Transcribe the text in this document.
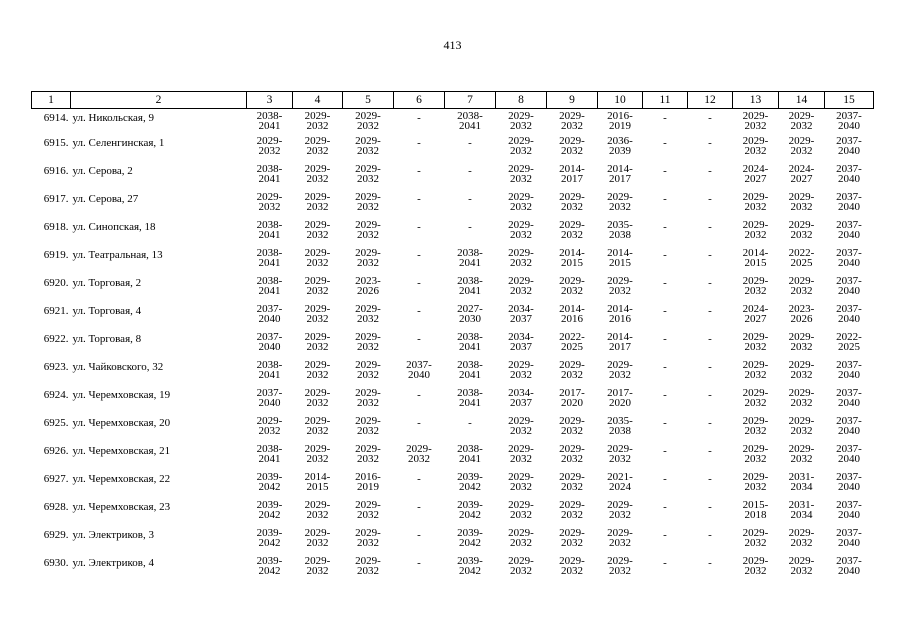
413
1	2	3	4	5	6	7	8	9	10	11	12	13	14	15
6914.	ул. Никольская, 9	2038-
2041	2029-
2032	2029-
2032	-	2038-
2041	2029-
2032	2029-
2032	2016-
2019	-	-	2029-
2032	2029-
2032	2037-
2040

6915.	ул. Селенгинская, 1	2029-
2032	2029-
2032	2029-
2032	-	-	2029-
2032	2029-
2032	2036-
2039	-	-	2029-
2032	2029-
2032	2037-
2040

6916.	ул. Серова, 2	2038-
2041	2029-
2032	2029-
2032	-	-	2029-
2032	2014-
2017	2014-
2017	-	-	2024-
2027	2024-
2027	2037-
2040

6917.	ул. Серова, 27	2029-
2032	2029-
2032	2029-
2032	-	-	2029-
2032	2029-
2032	2029-
2032	-	-	2029-
2032	2029-
2032	2037-
2040

6918.	ул. Синопская, 18	2038-
2041	2029-
2032	2029-
2032	-	-	2029-
2032	2029-
2032	2035-
2038	-	-	2029-
2032	2029-
2032	2037-
2040

6919.	ул. Театральная, 13	2038-
2041	2029-
2032	2029-
2032	-	2038-
2041	2029-
2032	2014-
2015	2014-
2015	-	-	2014-
2015	2022-
2025	2037-
2040

6920.	ул. Торговая, 2	2038-
2041	2029-
2032	2023-
2026	-	2038-
2041	2029-
2032	2029-
2032	2029-
2032	-	-	2029-
2032	2029-
2032	2037-
2040

6921.	ул. Торговая, 4	2037-
2040	2029-
2032	2029-
2032	-	2027-
2030	2034-
2037	2014-
2016	2014-
2016	-	-	2024-
2027	2023-
2026	2037-
2040

6922.	ул. Торговая, 8	2037-
2040	2029-
2032	2029-
2032	-	2038-
2041	2034-
2037	2022-
2025	2014-
2017	-	-	2029-
2032	2029-
2032	2022-
2025

6923.	ул. Чайковского, 32	2038-
2041	2029-
2032	2029-
2032	2037-
2040	2038-
2041	2029-
2032	2029-
2032	2029-
2032	-	-	2029-
2032	2029-
2032	2037-
2040

6924.	ул. Черемховская, 19	2037-
2040	2029-
2032	2029-
2032	-	2038-
2041	2034-
2037	2017-
2020	2017-
2020	-	-	2029-
2032	2029-
2032	2037-
2040

6925.	ул. Черемховская, 20	2029-
2032	2029-
2032	2029-
2032	-	-	2029-
2032	2029-
2032	2035-
2038	-	-	2029-
2032	2029-
2032	2037-
2040

6926.	ул. Черемховская, 21	2038-
2041	2029-
2032	2029-
2032	2029-
2032	2038-
2041	2029-
2032	2029-
2032	2029-
2032	-	-	2029-
2032	2029-
2032	2037-
2040

6927.	ул. Черемховская, 22	2039-
2042	2014-
2015	2016-
2019	-	2039-
2042	2029-
2032	2029-
2032	2021-
2024	-	-	2029-
2032	2031-
2034	2037-
2040

6928.	ул. Черемховская, 23	2039-
2042	2029-
2032	2029-
2032	-	2039-
2042	2029-
2032	2029-
2032	2029-
2032	-	-	2015-
2018	2031-
2034	2037-
2040

6929.	ул. Электриков, 3	2039-
2042	2029-
2032	2029-
2032	-	2039-
2042	2029-
2032	2029-
2032	2029-
2032	-	-	2029-
2032	2029-
2032	2037-
2040

6930.	ул. Электриков, 4	2039-
2042	2029-
2032	2029-
2032	-	2039-
2042	2029-
2032	2029-
2032	2029-
2032	-	-	2029-
2032	2029-
2032	2037-
2040
